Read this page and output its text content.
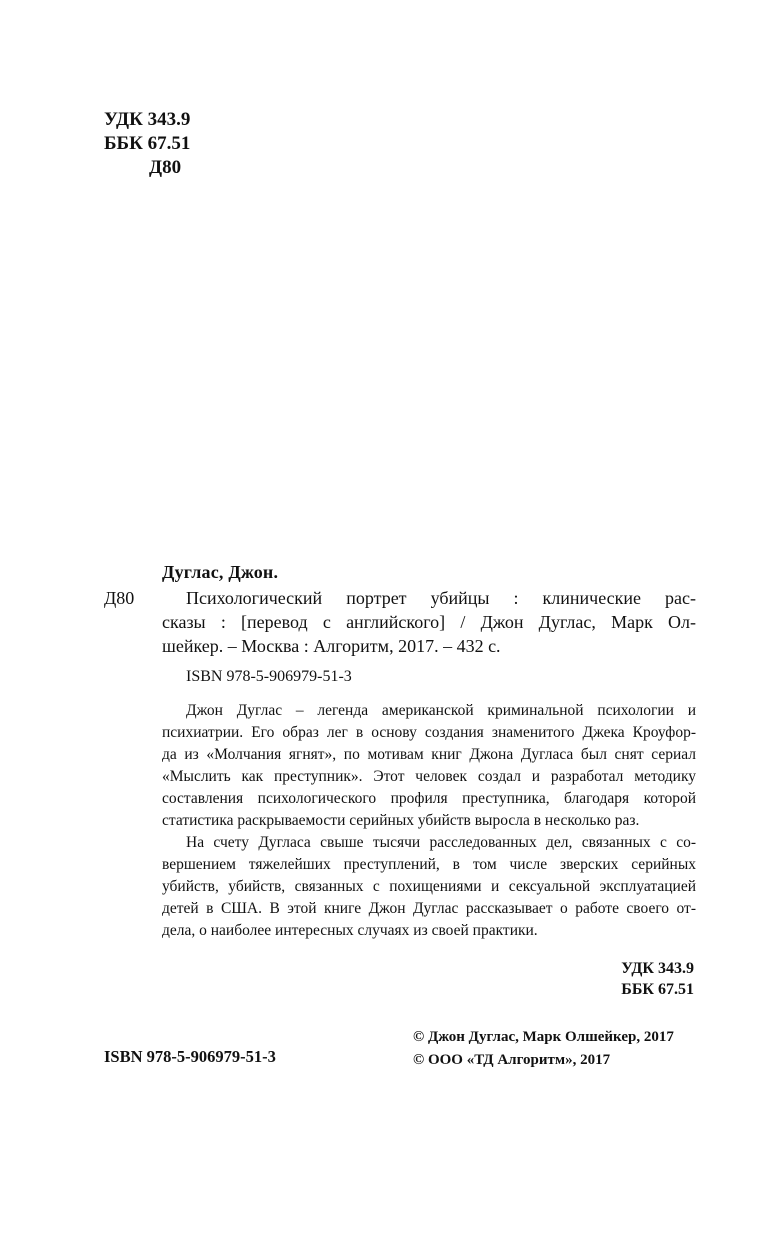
УДК 343.9
ББК 67.51
Д80
Дуглас, Джон.
Д80	Психологический портрет убийцы : клинические рас-
сказы : [перевод с английского] / Джон Дуглас, Марк Ол-
шейкер. – Москва : Алгоритм, 2017. – 432 с.
ISBN 978-5-906979-51-3
Джон Дуглас – легенда американской криминальной психологии и
психиатрии. Его образ лег в основу создания знаменитого Джека Кроуфор-
да из «Молчания ягнят», по мотивам книг Джона Дугласа был снят сериал
«Мыслить как преступник». Этот человек создал и разработал методику
составления психологического профиля преступника, благодаря которой
статистика раскрываемости серийных убийств выросла в несколько раз.
На счету Дугласа свыше тысячи расследованных дел, связанных с со-
вершением тяжелейших преступлений, в том числе зверских серийных
убийств, убийств, связанных с похищениями и сексуальной эксплуатацией
детей в США. В этой книге Джон Дуглас рассказывает о работе своего от-
дела, о наиболее интересных случаях из своей практики.
УДК 343.9
ББК 67.51
ISBN 978-5-906979-51-3
© Джон Дуглас, Марк Олшейкер, 2017
© ООО «ТД Алгоритм», 2017
